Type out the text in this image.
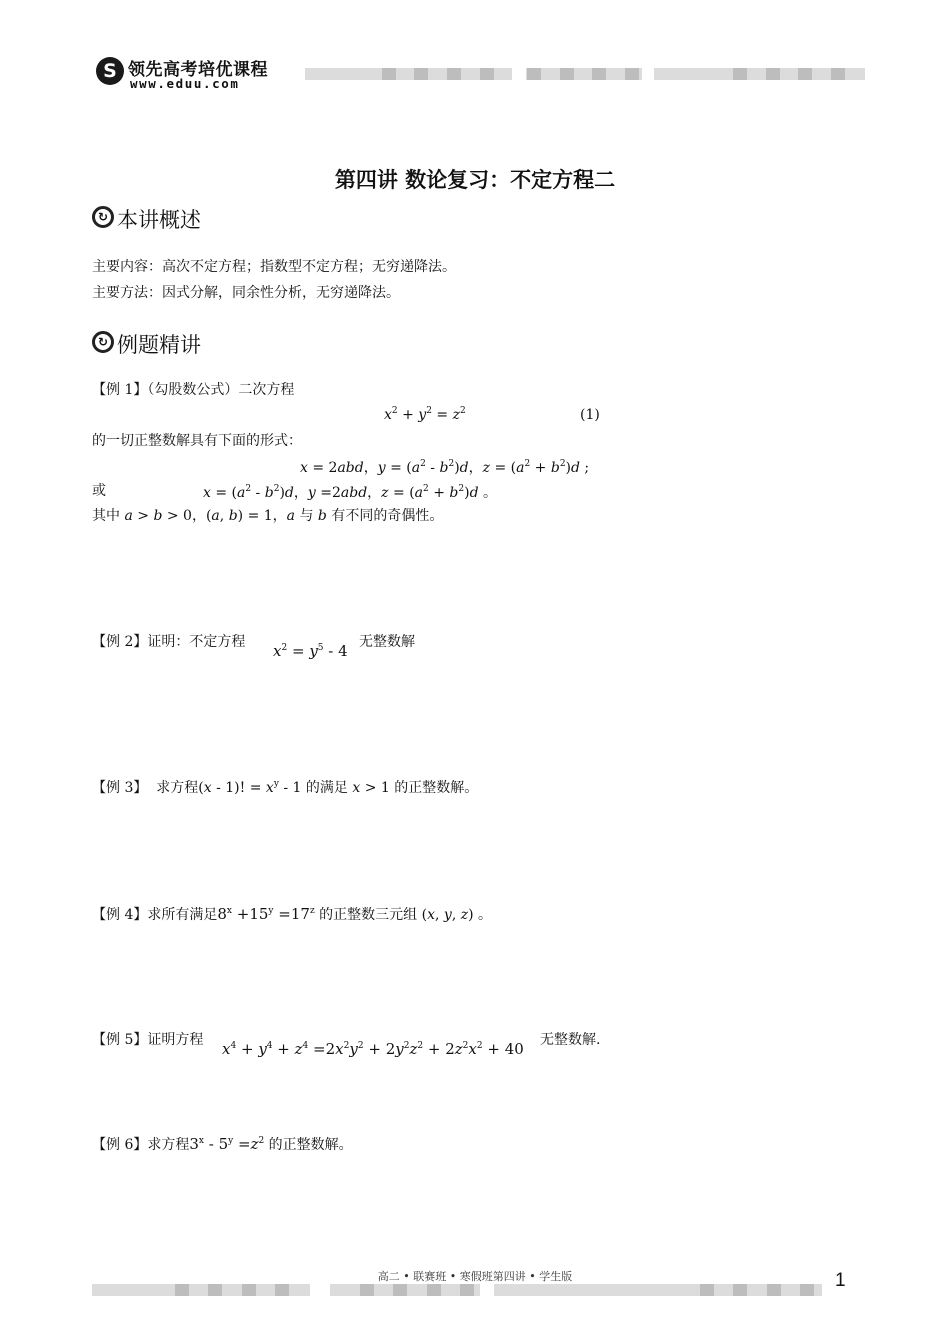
S 领先高考培优课程
www.eduu.com
第四讲 数论复习：不定方程二
↻ 本讲概述
主要内容：高次不定方程；指数型不定方程；无穷递降法。
主要方法：因式分解，同余性分析，无穷递降法。
↻ 例题精讲
【例 1】（勾股数公式）二次方程
$x^2 + y^2 = z^2$	(1)
的一切正整数解具有下面的形式：
x = 2abd，$y = (a^2 - b^2)d$，$z = (a^2 + b^2)d$ ;
或	$x = (a^2 - b^2)d$，y =2abd，$z = (a^2 + b^2)d$ 。
其中 a > b > 0，(a, b) = 1，a 与 b 有不同的奇偶性。
【例 2】证明：不定方程 $x^2 = y^5 - 4$ 无整数解
【例 3】 求方程(x - 1)! = $x^y - 1$ 的满足 x > 1 的正整数解。
【例 4】求所有满足$8^x +15^y =17^z$ 的正整数三元组 (x, y, z) 。
【例 5】证明方程 $x^4 + y^4 + z^4 =2x^2y^2 + 2y^2z^2 + 2z^2x^2 + 40$ 无整数解.
【例 6】求方程$3^x - 5^y =z^2$ 的正整数解。
高二 • 联赛班 • 寒假班第四讲 • 学生版	1
